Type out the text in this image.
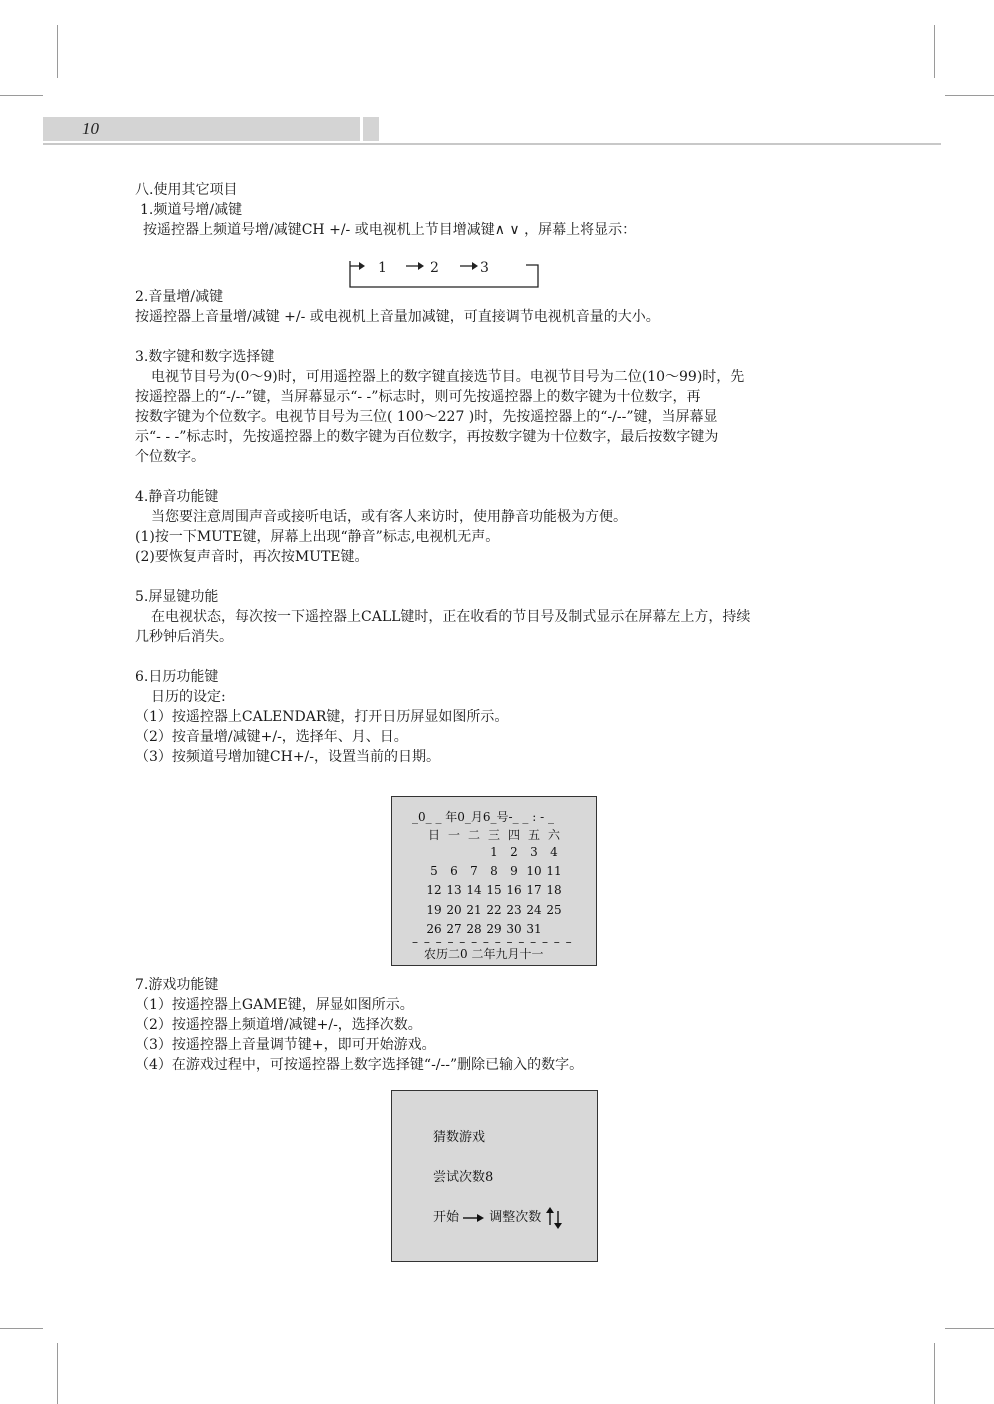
10
八.使用其它项目
1.频道号增/减键
按遥控器上频道号增/减键CH +/- 或电视机上节目增减键∧ ∨ ，屏幕上将显示：
2.音量增/减键
按遥控器上音量增/减键 +/- 或电视机上音量加减键，可直接调节电视机音量的大小。
3.数字键和数字选择键
电视节目号为(0～9)时，可用遥控器上的数字键直接选节目。电视节目号为二位(10～99)时，先
按遥控器上的“-/--”键，当屏幕显示“- -”标志时，则可先按遥控器上的数字键为十位数字，再
按数字键为个位数字。电视节目号为三位( 100～227 )时，先按遥控器上的“-/--”键，当屏幕显
示“- - -”标志时，先按遥控器上的数字键为百位数字，再按数字键为十位数字，最后按数字键为
个位数字。
4.静音功能键
当您要注意周围声音或接听电话，或有客人来访时，使用静音功能极为方便。
(1)按一下MUTE键，屏幕上出现“静音”标志,电视机无声。
(2)要恢复声音时，再次按MUTE键。
5.屏显键功能
在电视状态，每次按一下遥控器上CALL键时，正在收看的节目号及制式显示在屏幕左上方，持续
几秒钟后消失。
6.日历功能键
日历的设定:
（1）按遥控器上CALENDAR键，打开日历屏显如图所示。
（2）按音量增/减键+/-，选择年、月、日。
（3）按频道号增加键CH+/-，设置当前的日期。
7.游戏功能键
（1）按遥控器上GAME键，屏显如图所示。
（2）按遥控器上频道增/减键+/-，选择次数。
（3）按遥控器上音量调节键+，即可开始游戏。
（4）在游戏过程中，可按遥控器上数字选择键“-/--”删除已输入的数字。
1	2	3
_0_ _ 年0_月6_号-_ _ : - _
日 一 二 三 四 五 六
1 2 3 4
5 6 7 8 9 10 11
12 13 14 15 16 17 18
19 20 21 22 23 24 25
26 27 28 29 30 31
– – – – – – – – – – – – – –
农历二0 二年九月十一
猜数游戏
尝试次数8
开始 调整次数
